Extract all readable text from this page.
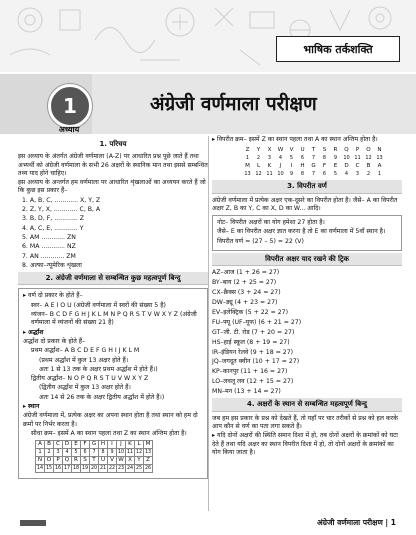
भाषिक तर्कशक्ति
अंग्रेजी वर्णमाला परीक्षण
1
अध्याय
1. परिचय

इस अध्याय के अंतर्गत अंग्रेजी वर्णमाला (A-Z) पर आधारित प्रश्न पूछे जाते हैं तथा अभ्यर्थी को अंग्रेजी वर्णमाला के सभी 26 अक्षरों के स्थानिक मान तथा इससे सम्बन्धित तथ्य याद होने चाहिए।

इस अध्याय के अन्तर्गत हम वर्णमाला पर आधारित शृंखलाओं का अध्ययन करते हैं जो कि कुछ इस प्रकार हैं–

1. A, B, C, ............ X, Y, Z

2. Z, Y, X, ............ C, B, A

3. B, D, F, ............ Z

4. A, C, E, ............ Y

5. AM ............ ZN

6. MA ............ NZ

7. AN ............ ZM

8. अल्फा–न्यूमेरिक शृंखला

2. अंग्रेजी वर्णमाला से सम्बन्धित कुछ महत्वपूर्ण बिन्दु

▸ वर्ण दो प्रकार के होते हैं–

स्वर– A E I O U (अंग्रेजी वर्णमाला में स्वरों की संख्या 5 है)

व्यंजन– B C D F G H J K L M N P Q R S T V W X Y Z (अंग्रेजी वर्णमाला में व्यंजनों की संख्या 21 है)

▸ अर्द्धांश

अर्द्धांश दो प्रकार के होते हैं–

प्रथम अर्द्धांश– A B C D E F G H I J K L M

(प्रथम अर्द्धांश में कुल 13 अक्षर होते हैं।

अतः 1 से 13 तक के अक्षर प्रथम अर्द्धांश में होते हैं।)

द्वितीय अर्द्धांश– N O P Q R S T U V W X Y Z

(द्वितीय अर्द्धांश में कुल 13 अक्षर होते हैं।

अतः 14 से 26 तक के अक्षर द्वितीय अर्द्धांश में होते हैं।)

▸ स्थान

अंग्रेजी वर्णमाला में, प्रत्येक अक्षर का अपना स्थान होता है तथा स्थान को हम दो क्रमों पर निर्भर करता है।

सीधा क्रम– इसमें A का स्थान पहला तथा Z का स्थान अन्तिम होता है।

A	B	C	D	E	F	G	H	I	J	K	L	M
1	2	3	4	5	6	7	8	9	10	11	12	13
N	O	P	Q	R	S	T	U	V	W	X	Y	Z
14	15	16	17	18	19	20	21	22	23	24	25	26

▸ विपरीत क्रम– इसमें Z का स्थान पहला तथा A का स्थान अन्तिम होता है।

Z	Y	X	W	V	U	T	S	R	Q	P	O	N
1	2	3	4	5	6	7	8	9	10	11	12	13
M	L	K	J	I	H	G	F	E	D	C	B	A
13	12	11	10	9	8	7	6	5	4	3	2	1
3. विपरीत वर्ण

अंग्रेजी वर्णमाला में प्रत्येक अक्षर एक-दूसरे का विपरीत होता है। जैसे– A का विपरीत अक्षर Z, B का Y, C का X, D का W... आदि।

नोट– विपरीत अक्षरों का योग हमेशा 27 होता है।

जैसे– E का विपरीत अक्षर ज्ञात करना है तो E का वर्णमाला में 5वाँ स्थान है।

विपरीत वर्ण = (27 – 5) = 22 (V)

विपरीत अक्षर याद रखने की ट्रिक

AZ–आज (1 + 26 = 27)

BY–बाय (2 + 25 = 27)

CX–क्रैक्स (3 + 24 = 27)

DW–ड्यू (4 + 23 = 27)

EV–इलेक्ट्रिक (5 + 22 = 27)

FU–फ्यू (UF–यूफ) (6 + 21 = 27)

GT–जी. टी. रोड (7 + 20 = 27)

HS–हाई स्कूल (8 + 19 = 27)

IR–इंडियन रेलवे (9 + 18 = 27)

JQ–जगदूत क्वीन (10 + 17 = 27)

KP–कानपुर (11 + 16 = 27)

LO–लवलू लव (12 + 15 = 27)

MN–मन (13 + 14 = 27)

4. अक्षरों के स्थान से सम्बन्धित महत्वपूर्ण बिन्दु

जब हम इस प्रकार के प्रश्न को देखते हैं, तो यहाँ पर चार तरीकों से प्रश्न को हल करके आप कौन से वर्ण का पता लगा सकते हैं।

▸ यदि दोनों अक्षरों की स्थिति समान दिशा में हो, तब दोनों अक्षरों के क्रमांकों को घटा देते हैं तथा यदि अक्षर का स्थान विपरीत दिशा में हो, तो दोनों अक्षरों के क्रमांकों का योग किया जाता है।

अंग्रेजी वर्णमाला परीक्षण | 1
